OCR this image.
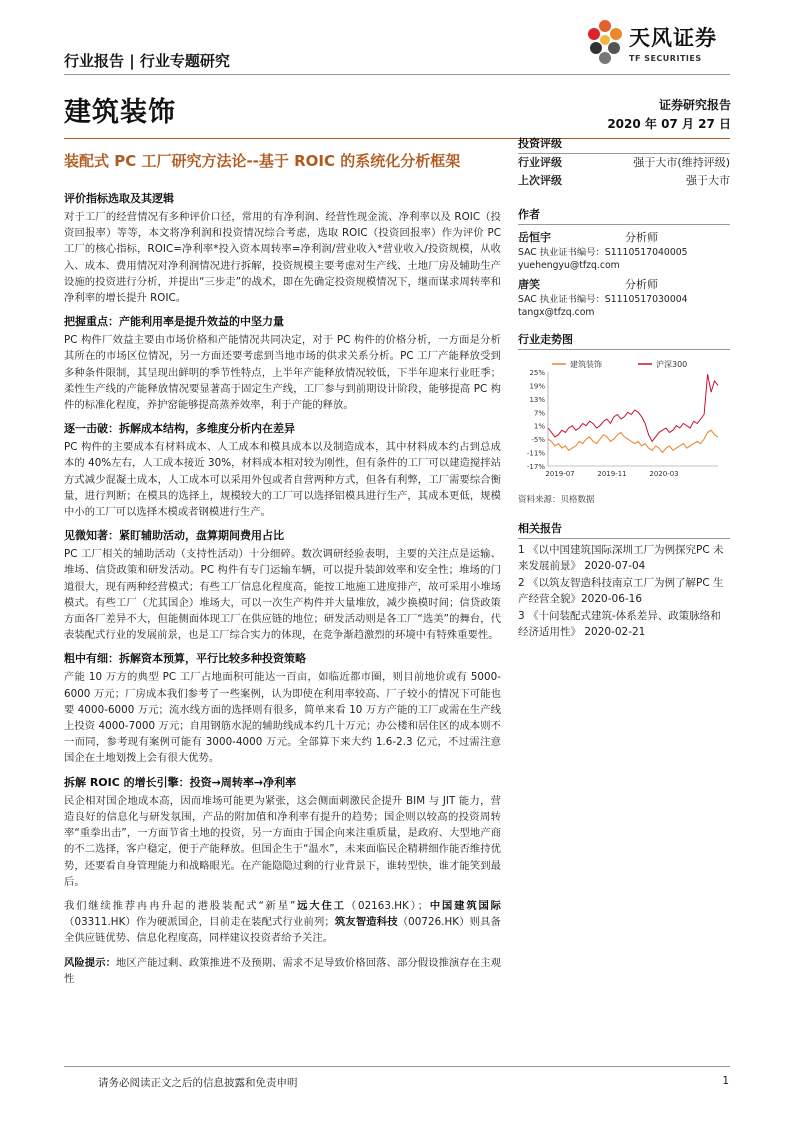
行业报告 | 行业专题研究
天风证券
TF SECURITIES
建筑装饰	证券研究报告
2020 年 07 月 27 日
装配式 PC 工厂研究方法论--基于 ROIC 的系统化分析框架
评价指标选取及其逻辑

对于工厂的经营情况有多种评价口径，常用的有净利润、经营性现金流、净利率以及 ROIC（投资回报率）等等，本文将净利润和投资情况综合考虑，选取 ROIC（投资回报率）作为评价 PC 工厂的核心指标，ROIC=净利率*投入资本周转率=净利润/营业收入*营业收入/投资规模，从收入、成本、费用情况对净利润情况进行拆解，投资规模主要考虑对生产线、土地厂房及辅助生产设施的投资进行分析，并提出“三步走”的战术，即在先确定投资规模情况下，继而谋求周转率和净利率的增长提升 ROIC。

把握重点：产能利用率是提升效益的中坚力量

PC 构件厂效益主要由市场价格和产能情况共同决定，对于 PC 构件的价格分析，一方面是分析其所在的市场区位情况，另一方面还要考虑到当地市场的供求关系分析。PC 工厂产能释放受到多种条件限制，其呈现出鲜明的季节性特点，上半年产能释放情况较低，下半年迎来行业旺季；柔性生产线的产能释放情况要显著高于固定生产线，工厂参与到前期设计阶段，能够提高 PC 构件的标准化程度，养护窑能够提高蒸养效率，利于产能的释放。

逐一击破：拆解成本结构，多维度分析内在差异

PC 构件的主要成本有材料成本、人工成本和模具成本以及制造成本，其中材料成本约占到总成本的 40%左右，人工成本接近 30%，材料成本相对较为刚性，但有条件的工厂可以建造搅拌站方式减少混凝土成本，人工成本可以采用外包或者自营两种方式，但各有利弊，工厂需要综合衡量，进行判断；在模具的选择上，规模较大的工厂可以选择铝模具进行生产，其成本更低，规模中小的工厂可以选择木模或者钢模进行生产。

见微知著：紧盯辅助活动，盘算期间费用占比

PC 工厂相关的辅助活动（支持性活动）十分细碎。数次调研经验表明，主要的关注点是运输、堆场、信贷政策和研发活动。PC 构件有专门运输车辆，可以提升装卸效率和安全性；堆场的门道很大，现有两种经营模式；有些工厂信息化程度高，能按工地施工进度排产，故可采用小堆场模式。有些工厂（尤其国企）堆场大，可以一次生产构件并大量堆放，减少换模时间；信贷政策方面各厂差异不大，但能侧面体现工厂在供应链的地位；研发活动则是各工厂“选美”的舞台，代表装配式行业的发展前景，也是工厂综合实力的体现，在竞争渐趋激烈的环境中有特殊重要性。

粗中有细：拆解资本预算，平行比较多种投资策略

产能 10 万方的典型 PC 工厂占地面积可能达一百亩，如临近都市圈，则目前地价或有 5000-6000 万元；厂房成本我们参考了一些案例，认为即使在利用率较高、厂子较小的情况下可能也要 4000-6000 万元；流水线方面的选择则有很多，简单来看 10 万方产能的工厂或需在生产线上投资 4000-7000 万元；自用钢筋水泥的辅助线成本约几十万元；办公楼和居住区的成本则不一而同，参考现有案例可能有 3000-4000 万元。全部算下来大约 1.6-2.3 亿元，不过需注意国企在土地划拨上会有很大优势。

拆解 ROIC 的增长引擎：投资→周转率→净利率

民企相对国企地成本高，因而堆场可能更为紧张，这会侧面刺激民企提升 BIM 与 JIT 能力，营造良好的信息化与研发氛围，产品的附加值和净利率有提升的趋势；国企则以较高的投资周转率“重拳出击”，一方面节省土地的投资，另一方面由于国企向来注重质量，是政府、大型地产商的不二选择，客户稳定，便于产能释放。但国企生于“温水”，未来面临民企精耕细作能否维持优势，还要看自身管理能力和战略眼光。在产能隐隐过剩的行业背景下，谁转型快，谁才能笑到最后。

我们继续推荐冉冉升起的港股装配式“新星”远大住工（02163.HK）；中国建筑国际（03311.HK）作为硬派国企，目前走在装配式行业前列；筑友智造科技（00726.HK）则具备全供应链优势、信息化程度高，同样建议投资者给予关注。

风险提示：地区产能过剩、政策推进不及预期、需求不足导致价格回落、部分假设推演存在主观性

投资评级
行业评级	强于大市(维持评级)
上次评级	强于大市
作者
岳恒宇	分析师
SAC 执业证书编号：S1110517040005
yuehengyu@tfzq.com
唐笑	分析师
SAC 执业证书编号：S1110517030004
tangx@tfzq.com
行业走势图
25%
19%
13%
7%
1%
-5%
-11%
-17%
2019-07	2019-11	2020-03
建筑装饰	沪深300
资料来源：贝格数据
相关报告
1 《以中国建筑国际深圳工厂为例探究PC 未来发展前景》 2020-07-04
2 《以筑友智造科技南京工厂为例了解PC 生产经营全貌》2020-06-16
3 《十问装配式建筑-体系差异、政策脉络和经济适用性》 2020-02-21
请务必阅读正文之后的信息披露和免责申明	1
